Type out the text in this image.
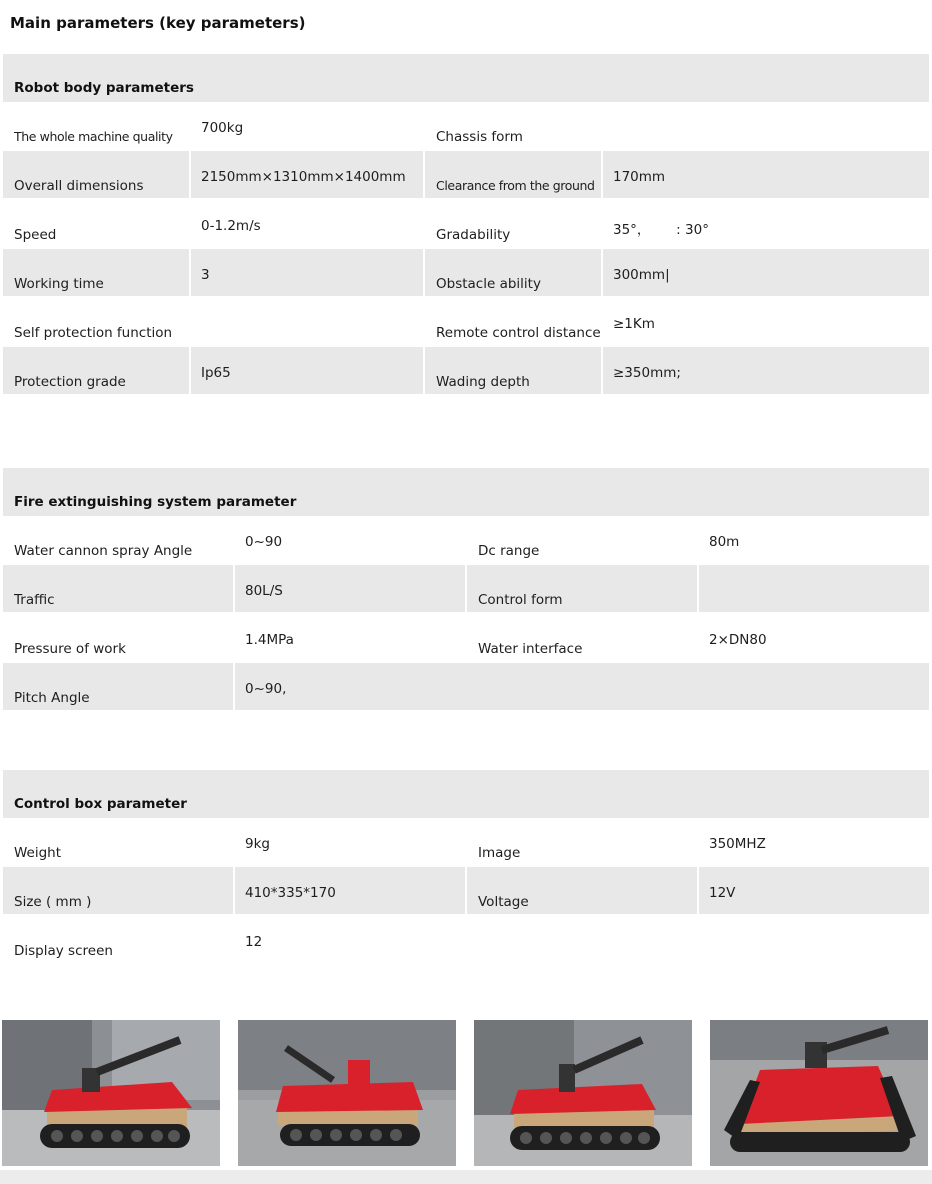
Main parameters (key parameters)
Robot body parameters
The whole machine quality
700kg
Chassis form
Overall dimensions
2150mm×1310mm×1400mm
Clearance from the ground
170mm
Speed
0-1.2m/s
Gradability	35°，      : 30°
Working time
3
Obstacle ability
300mm|
Self protection function	Remote control distance
≥1Km
Protection grade
Ip65
Wading depth
≥350mm;
Fire extinguishing system parameter
Water cannon spray Angle
0~90
Dc range
80m
Traffic
80L/S
Control form
Pressure of work
1.4MPa
Water interface
2×DN80
Pitch Angle
0~90,
Control box parameter
Weight
9kg
Image
350MHZ
Size ( mm )
410*335*170
Voltage
12V
Display screen
12
